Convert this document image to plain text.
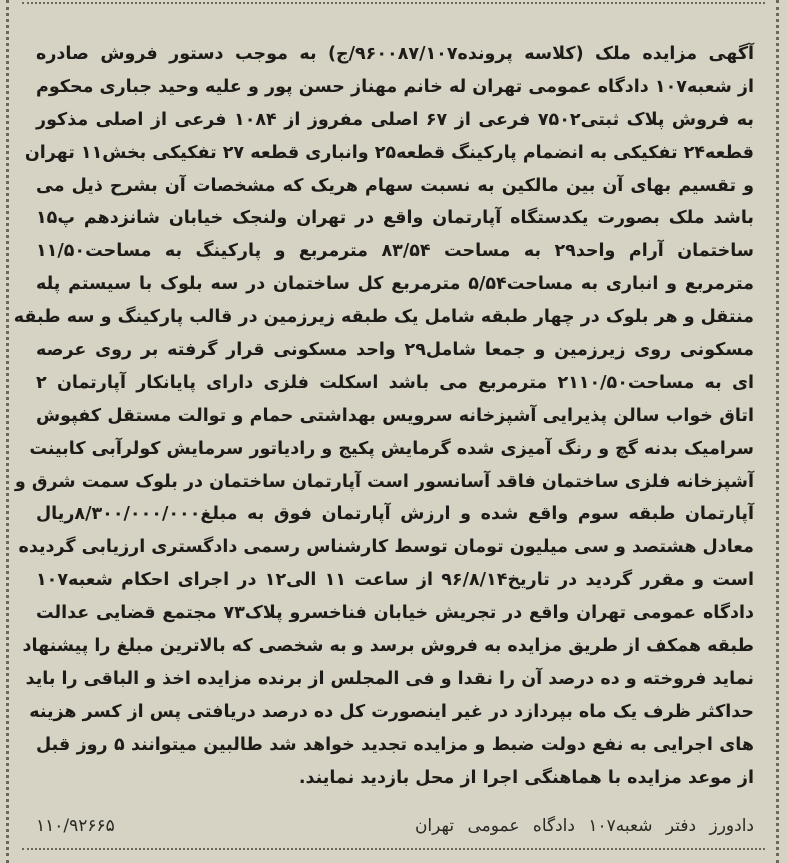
آگهی مزایده ملک (کلاسه پرونده۹۶۰۰۸۷/۱۰۷/ج) به موجب دستور فروش صادره
از شعبه۱۰۷ دادگاه عمومی تهران له خانم مهناز حسن پور و علیه وحید جباری محکوم
به فروش پلاک ثبتی۷۵۰۲ فرعی از ۶۷ اصلی مفروز از ۱۰۸۴ فرعی از اصلی مذکور
قطعه۲۴ تفکیکی به انضمام پارکینگ قطعه۲۵ وانباری قطعه ۲۷ تفکیکی بخش۱۱ تهران
و تقسیم بهای آن بین مالکین به نسبت سهام هریک که مشخصات آن بشرح ذیل می
باشد ملک بصورت یکدستگاه آپارتمان واقع در تهران ولنجک خیابان شانزدهم پ۱۵
ساختمان آرام واحد۲۹ به مساحت ۸۳/۵۴ مترمربع و پارکینگ به مساحت۱۱/۵۰
مترمربع و انباری به مساحت۵/۵۴ مترمربع کل ساختمان در سه بلوک با سیستم پله
منتقل و هر بلوک در چهار طبقه شامل یک طبقه زیرزمین در قالب پارکینگ و سه طبقه
مسکونی روی زیرزمین و جمعا شامل۲۹ واحد مسکونی قرار گرفته بر روی عرصه
ای به مساحت۲۱۱۰/۵۰ مترمربع می باشد اسکلت فلزی دارای پایانکار آپارتمان ۲
اتاق خواب سالن پذیرایی آشپزخانه سرویس بهداشتی حمام و توالت مستقل کفپوش
سرامیک بدنه گچ و رنگ آمیزی شده گرمایش پکیج و رادیاتور سرمایش کولرآبی کابینت
آشپزخانه فلزی ساختمان فاقد آسانسور است آپارتمان ساختمان در بلوک سمت شرق و
آپارتمان طبقه سوم واقع شده و ارزش آپارتمان فوق به مبلغ۸/۳۰۰/۰۰۰/۰۰۰ریال
معادل هشتصد و سی میلیون تومان توسط کارشناس رسمی دادگستری ارزیابی گردیده
است و مقرر گردید در تاریخ۹۶/۸/۱۴ از ساعت ۱۱ الی۱۲ در اجرای احکام شعبه۱۰۷
دادگاه عمومی تهران واقع در تجریش خیابان فناخسرو پلاک۷۳ مجتمع قضایی عدالت
طبقه همکف از طریق مزایده به فروش برسد و به شخصی که بالاترین مبلغ را پیشنهاد
نماید فروخته و ده درصد آن را نقدا و فی المجلس از برنده مزایده اخذ و الباقی را باید
حداکثر ظرف یک ماه بپردازد در غیر اینصورت کل ده درصد دریافتی پس از کسر هزینه
های اجرایی به نفع دولت ضبط و مزایده تجدید خواهد شد طالبین میتوانند ۵ روز قبل
از موعد مزایده با هماهنگی اجرا از محل بازدید نمایند.
دادورز دفتر شعبه۱۰۷ دادگاه عمومی تهران
۱۱۰/۹۲۶۶۵
